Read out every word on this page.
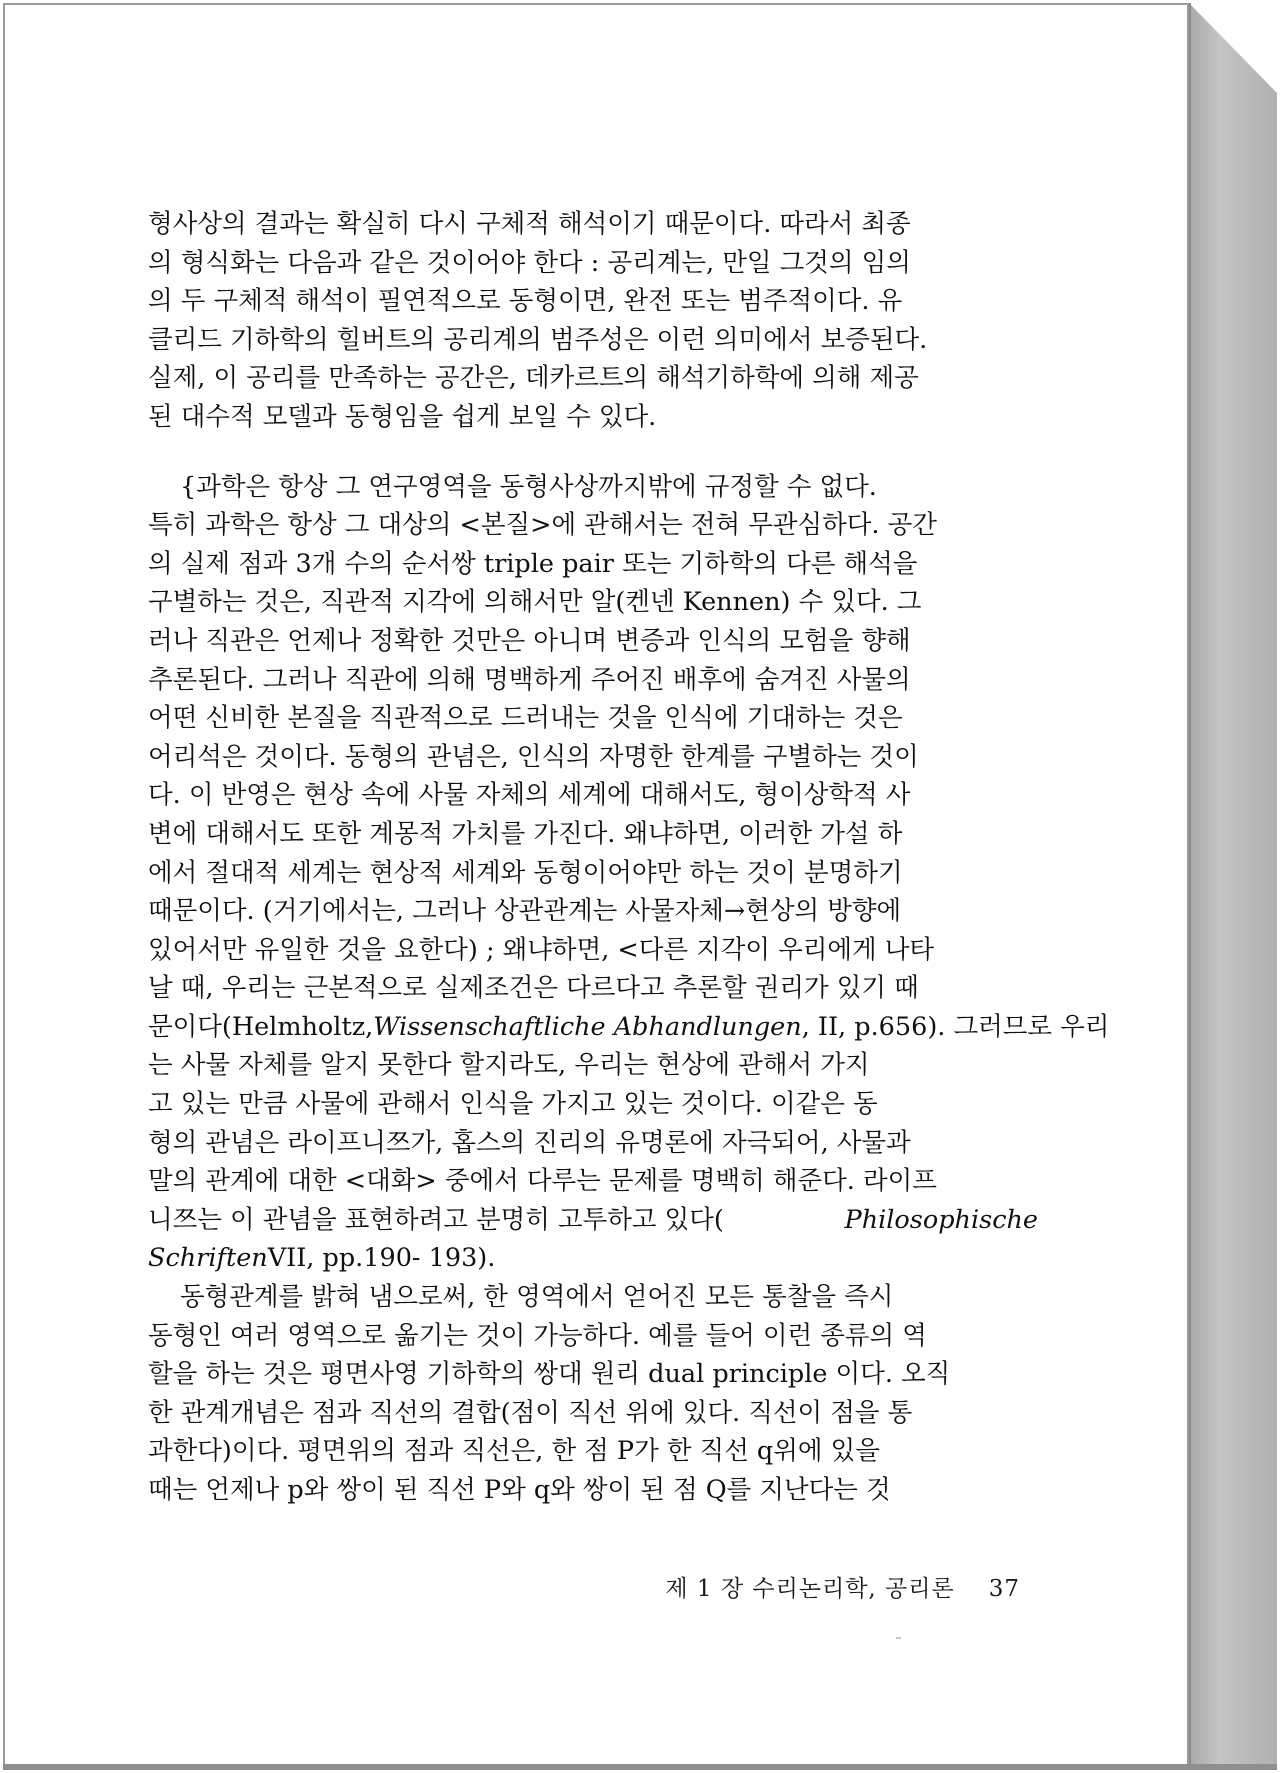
형사상의 결과는 확실히 다시 구체적 해석이기 때문이다. 따라서 최종
의 형식화는 다음과 같은 것이어야 한다 : 공리계는, 만일 그것의 임의
의 두 구체적 해석이 필연적으로 동형이면, 완전 또는 범주적이다. 유
클리드 기하학의 힐버트의 공리계의 범주성은 이런 의미에서 보증된다.
실제, 이 공리를 만족하는 공간은, 데카르트의 해석기하학에 의해 제공
된 대수적 모델과 동형임을 쉽게 보일 수 있다.
{과학은 항상 그 연구영역을 동형사상까지밖에 규정할 수 없다.
특히 과학은 항상 그 대상의 <본질>에 관해서는 전혀 무관심하다. 공간
의 실제 점과 3개 수의 순서쌍 triple pair 또는 기하학의 다른 해석을
구별하는 것은, 직관적 지각에 의해서만 알(켄넨 Kennen) 수 있다. 그
러나 직관은 언제나 정확한 것만은 아니며 변증과 인식의 모험을 향해
추론된다. 그러나 직관에 의해 명백하게 주어진 배후에 숨겨진 사물의
어떤 신비한 본질을 직관적으로 드러내는 것을 인식에 기대하는 것은
어리석은 것이다. 동형의 관념은, 인식의 자명한 한계를 구별하는 것이
다. 이 반영은 현상 속에 사물 자체의 세계에 대해서도, 형이상학적 사
변에 대해서도 또한 계몽적 가치를 가진다. 왜냐하면, 이러한 가설 하
에서 절대적 세계는 현상적 세계와 동형이어야만 하는 것이 분명하기
때문이다. (거기에서는, 그러나 상관관계는 사물자체→현상의 방향에
있어서만 유일한 것을 요한다) ; 왜냐하면, <다른 지각이 우리에게 나타
날 때, 우리는 근본적으로 실제조건은 다르다고 추론할 권리가 있기 때
문이다(Helmholtz, Wissenschaftliche Abhandlungen , II, p.656). 그러므로 우리
는 사물 자체를 알지 못한다 할지라도, 우리는 현상에 관해서 가지
고 있는 만큼 사물에 관해서 인식을 가지고 있는 것이다. 이같은 동
형의 관념은 라이프니쯔가, 홉스의 진리의 유명론에 자극되어, 사물과
말의 관계에 대한 <대화> 중에서 다루는 문제를 명백히 해준다. 라이프
니쯔는 이 관념을 표현하려고 분명히 고투하고 있다(	Philosophische
Schriften VII, pp.190- 193).
동형관계를 밝혀 냄으로써, 한 영역에서 얻어진 모든 통찰을 즉시
동형인 여러 영역으로 옮기는 것이 가능하다. 예를 들어 이런 종류의 역
할을 하는 것은 평면사영 기하학의 쌍대 원리 dual principle 이다. 오직
한 관계개념은 점과 직선의 결합(점이 직선 위에 있다. 직선이 점을 통
과한다)이다. 평면위의 점과 직선은, 한 점 P가 한 직선 q위에 있을
때는 언제나 p와 쌍이 된 직선 P와 q와 쌍이 된 점 Q를 지난다는 것
제 1 장 수리논리학, 공리론 37
